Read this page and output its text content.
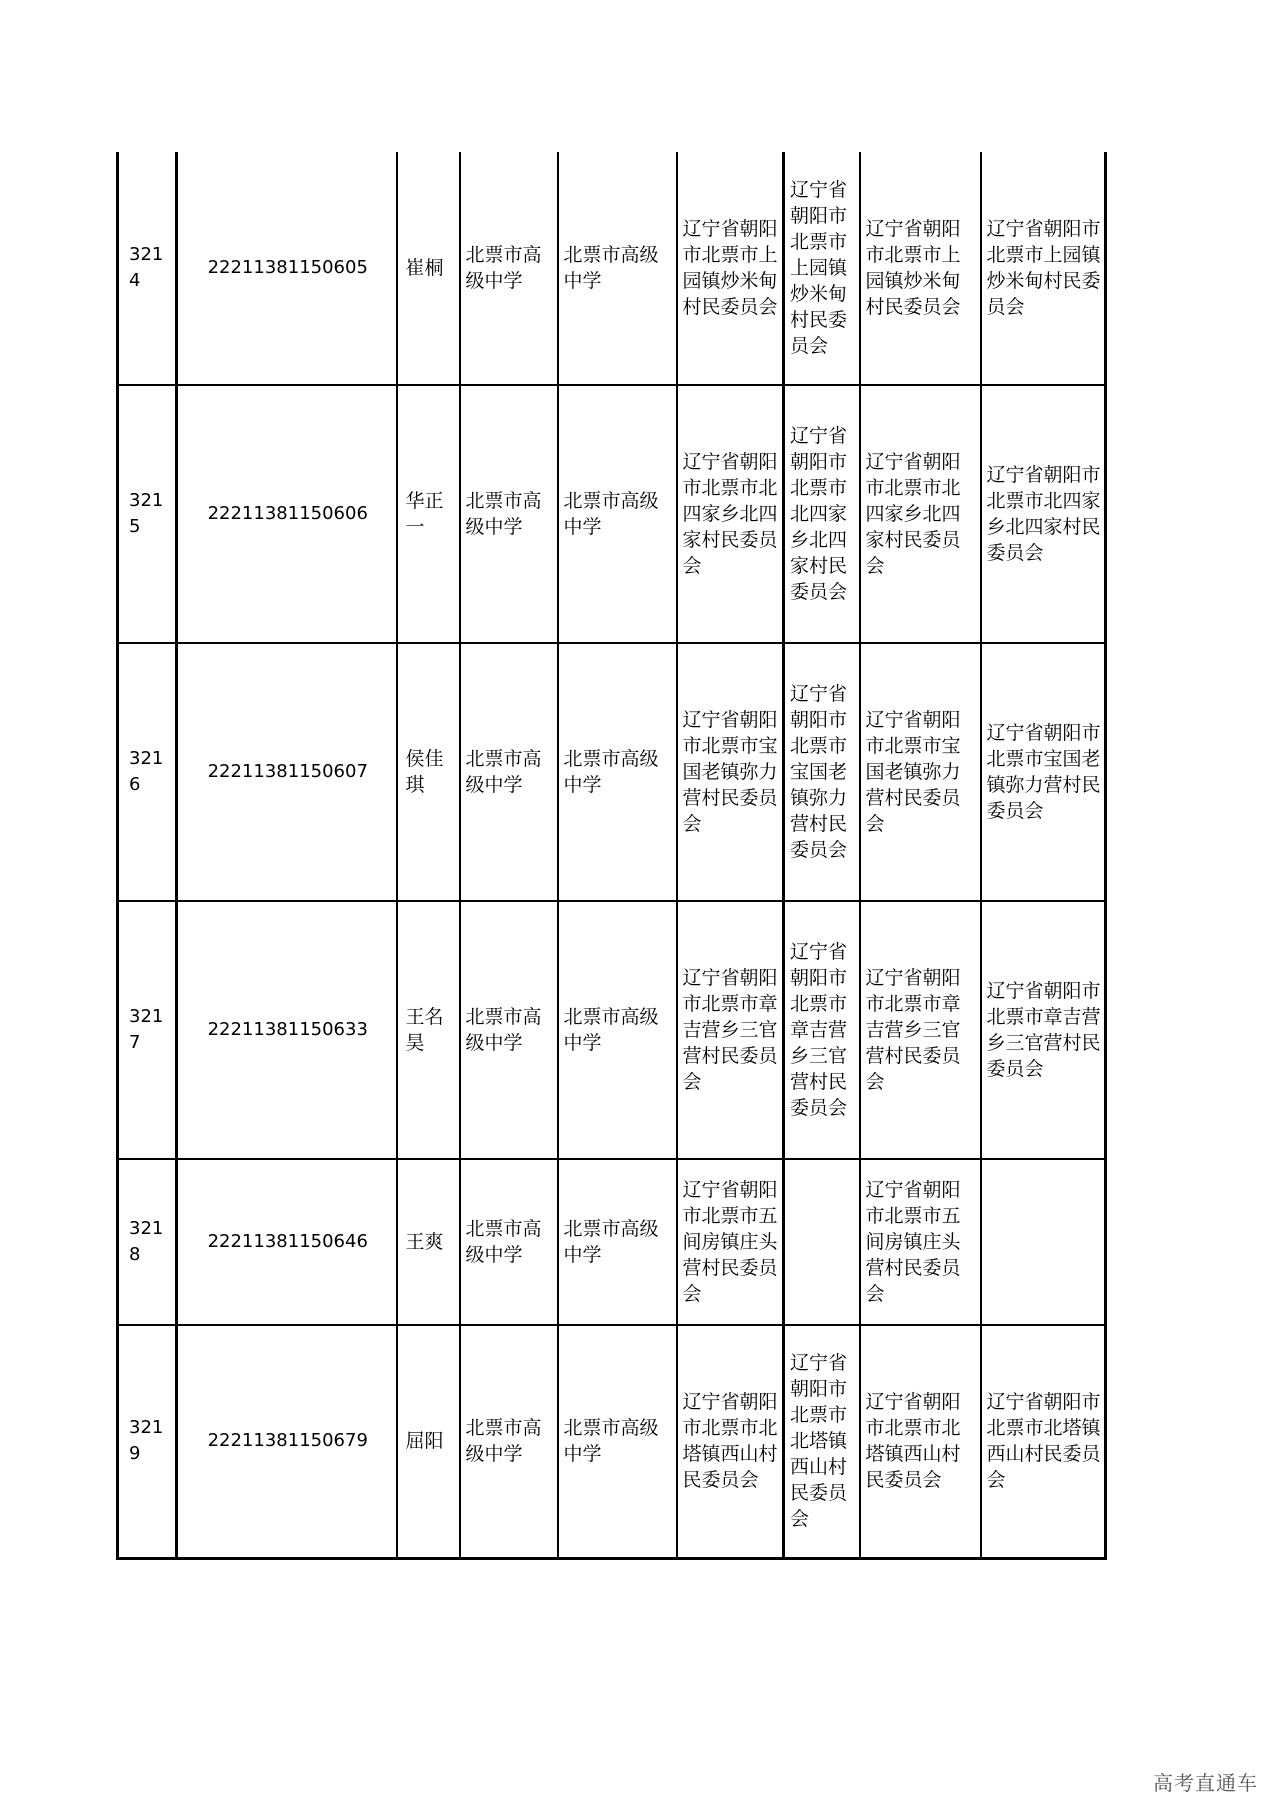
3214	22211381150605	崔桐	北票市高级中学	北票市高级中学	辽宁省朝阳市北票市上园镇炒米甸村民委员会	辽宁省朝阳市北票市上园镇炒米甸村民委员会	辽宁省朝阳市北票市上园镇炒米甸村民委员会	辽宁省朝阳市北票市上园镇炒米甸村民委员会
3215	22211381150606	华正一	北票市高级中学	北票市高级中学	辽宁省朝阳市北票市北四家乡北四家村民委员会	辽宁省朝阳市北票市北四家乡北四家村民委员会	辽宁省朝阳市北票市北四家乡北四家村民委员会	辽宁省朝阳市北票市北四家乡北四家村民委员会
3216	22211381150607	侯佳琪	北票市高级中学	北票市高级中学	辽宁省朝阳市北票市宝国老镇弥力营村民委员会	辽宁省朝阳市北票市宝国老镇弥力营村民委员会	辽宁省朝阳市北票市宝国老镇弥力营村民委员会	辽宁省朝阳市北票市宝国老镇弥力营村民委员会
3217	22211381150633	王名昊	北票市高级中学	北票市高级中学	辽宁省朝阳市北票市章吉营乡三官营村民委员会	辽宁省朝阳市北票市章吉营乡三官营村民委员会	辽宁省朝阳市北票市章吉营乡三官营村民委员会	辽宁省朝阳市北票市章吉营乡三官营村民委员会
3218	22211381150646	王爽	北票市高级中学	北票市高级中学	辽宁省朝阳市北票市五间房镇庄头营村民委员会		辽宁省朝阳市北票市五间房镇庄头营村民委员会	
3219	22211381150679	屈阳	北票市高级中学	北票市高级中学	辽宁省朝阳市北票市北塔镇西山村民委员会	辽宁省朝阳市北票市北塔镇西山村民委员会	辽宁省朝阳市北票市北塔镇西山村民委员会	辽宁省朝阳市北票市北塔镇西山村民委员会
高考直通车
